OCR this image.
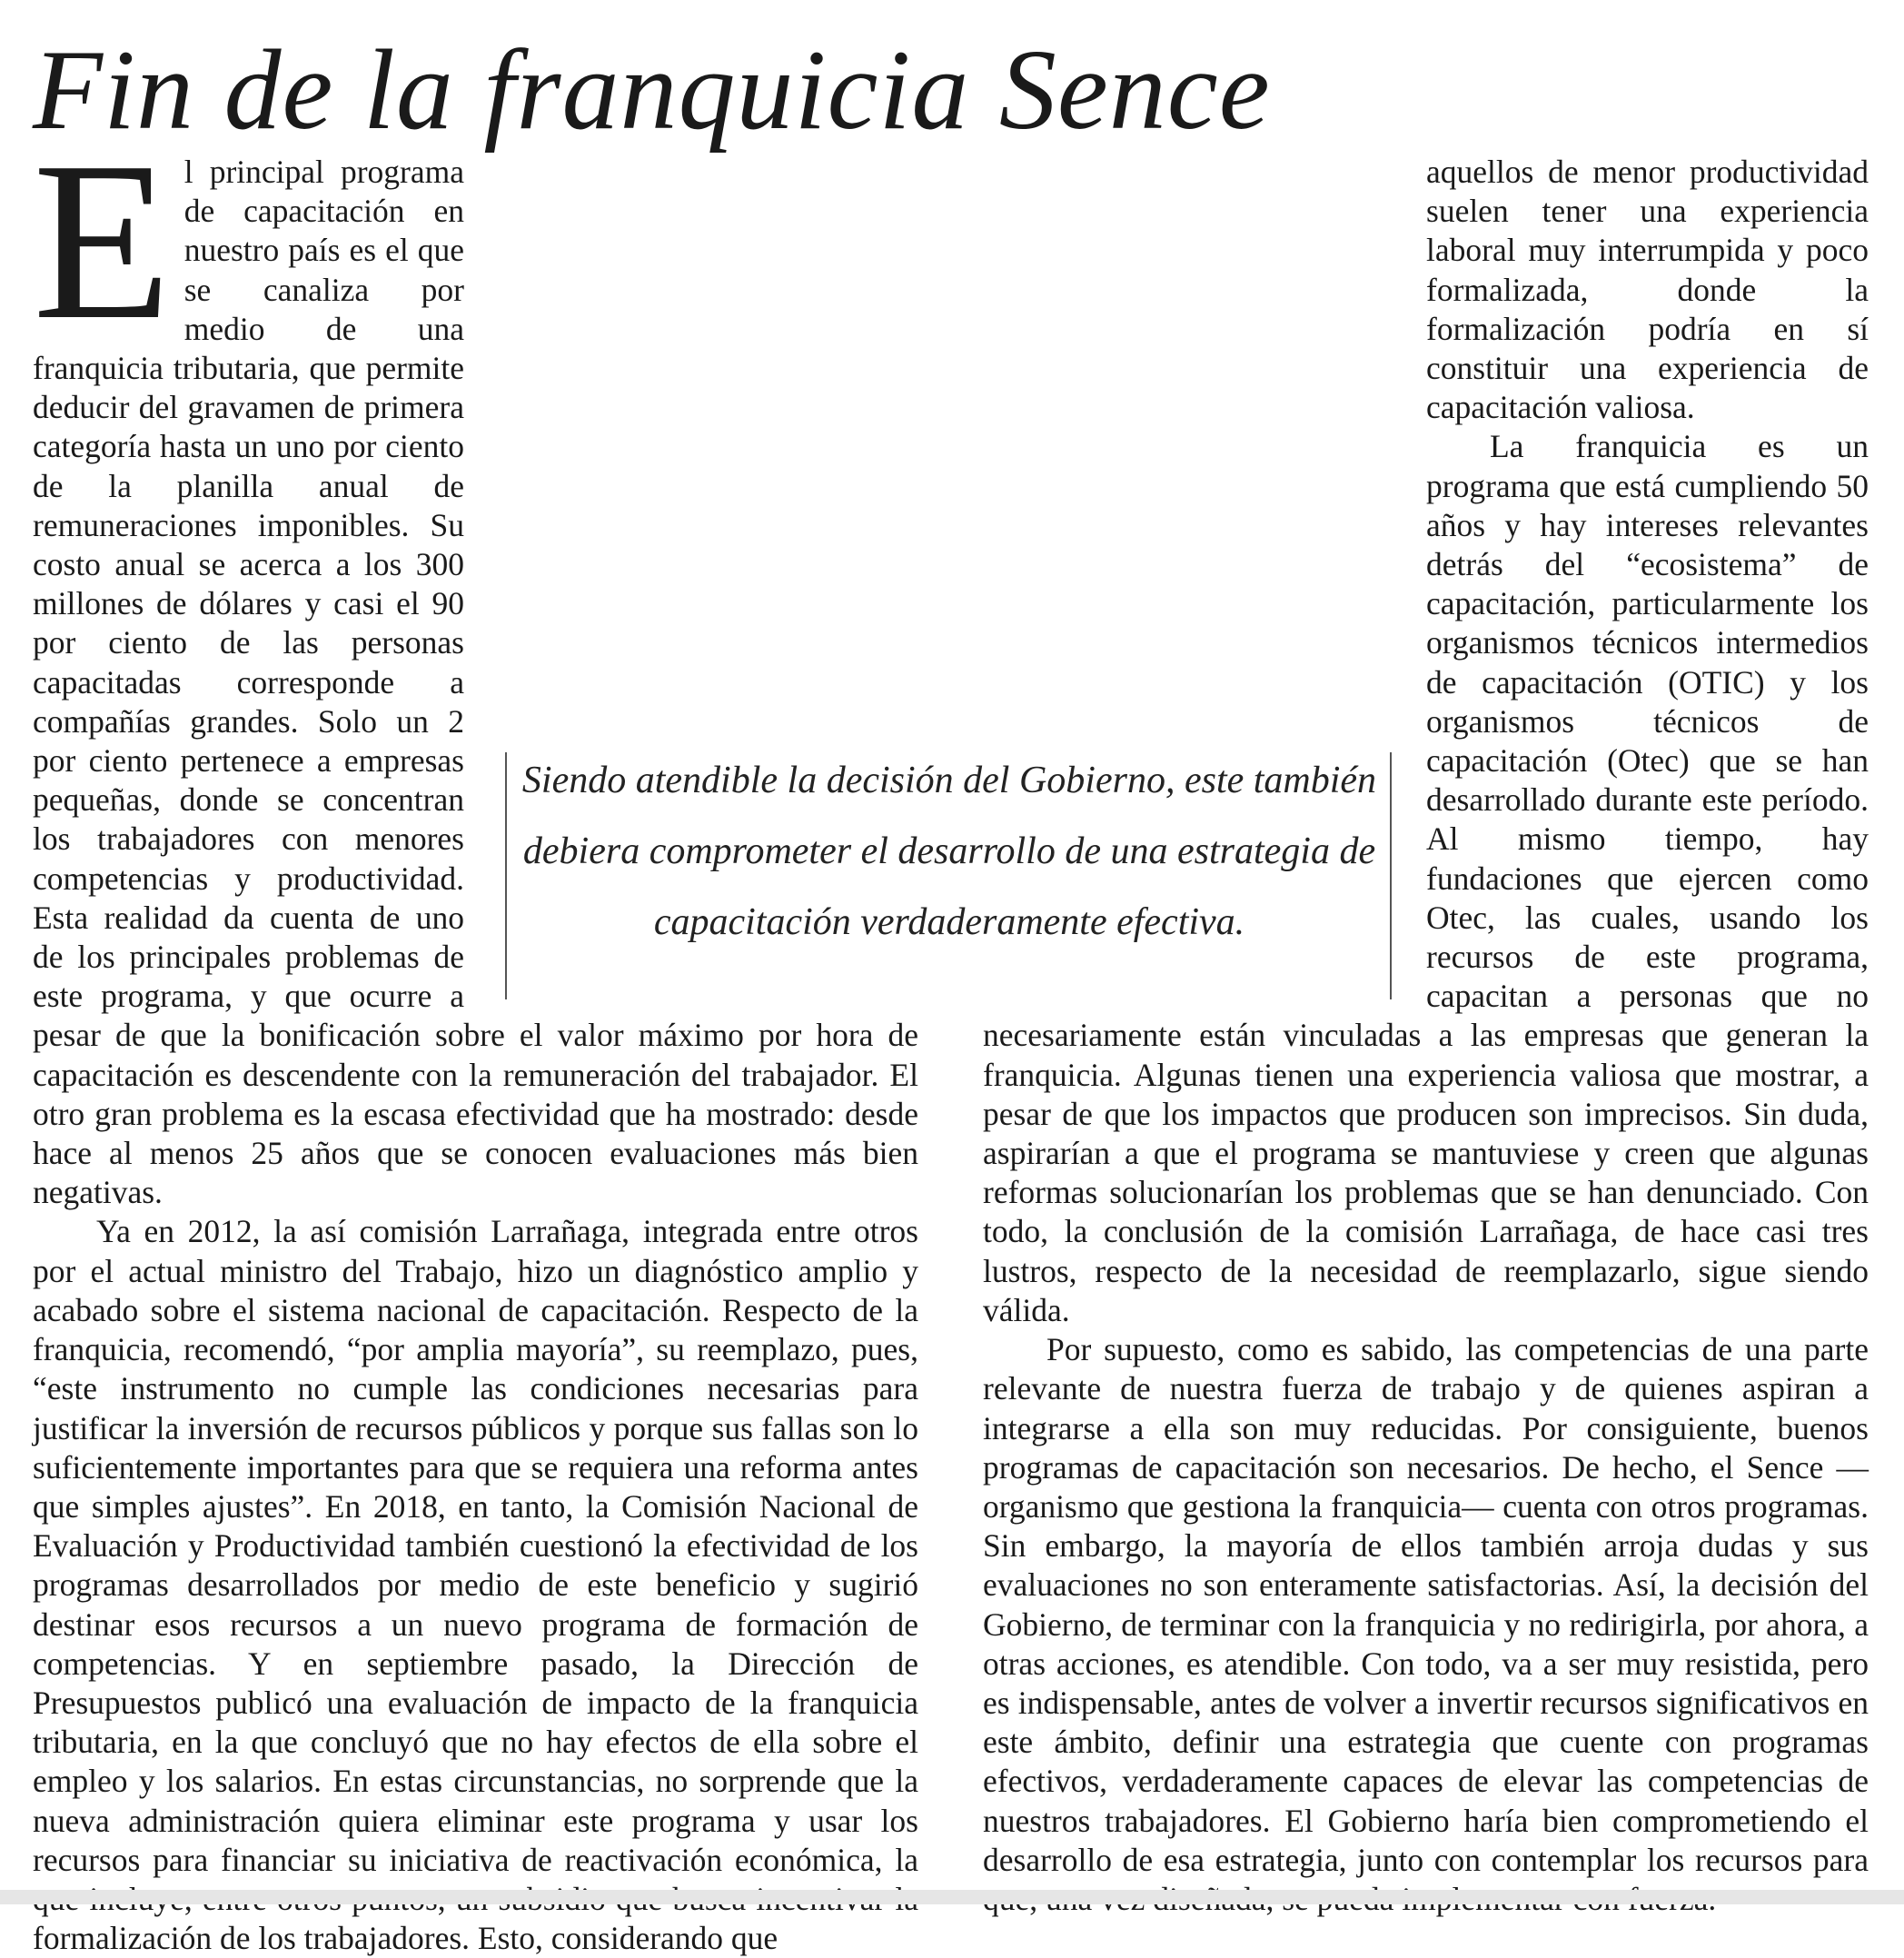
Fin de la franquicia Sence
E l principal programa de capacitación en nuestro país es el que se canaliza por medio de una franquicia tributaria, que permite deducir del gravamen de primera categoría hasta un uno por ciento de la planilla anual de remuneraciones imponibles. Su costo anual se acerca a los 300 millones de dólares y casi el 90 por ciento de las personas capacitadas corresponde a compañías grandes. Solo un 2 por ciento pertenece a empresas pequeñas, donde se concentran los trabajadores con menores competencias y productividad. Esta realidad da cuenta de uno de los principales problemas de este programa, y que ocurre a pesar de que la bonificación sobre el valor máximo por hora de capacitación es descendente con la remuneración del trabajador. El otro gran problema es la escasa efectividad que ha mostrado: desde hace al menos 25 años que se conocen evaluaciones más bien negativas.

Ya en 2012, la así comisión Larrañaga, integrada entre otros por el actual ministro del Trabajo, hizo un diagnóstico amplio y acabado sobre el sistema nacional de capacitación. Respecto de la franquicia, recomendó, “por amplia mayoría”, su reemplazo, pues, “este instrumento no cumple las condiciones necesarias para justificar la inversión de recursos públicos y porque sus fallas son lo suficientemente importantes para que se requiera una reforma antes que simples ajustes”. En 2018, en tanto, la Comisión Nacional de Evaluación y Productividad también cuestionó la efectividad de los programas desarrollados por medio de este beneficio y sugirió destinar esos recursos a un nuevo programa de formación de competencias. Y en septiembre pasado, la Dirección de Presupuestos publicó una evaluación de impacto de la franquicia tributaria, en la que concluyó que no hay efectos de ella sobre el empleo y los salarios. En estas circunstancias, no sorprende que la nueva administración quiera eliminar este programa y usar los recursos para financiar su iniciativa de reactivación económica, la formalización de los trabajadores. Esto, considerando que

aquellos de menor productividad suelen tener una experiencia laboral muy interrumpida y poco formalizada, donde la formalización podría en sí constituir una experiencia de capacitación valiosa.

La franquicia es un programa que está cumpliendo 50 años y hay intereses relevantes detrás del “ecosistema” de capacitación, particularmente los organismos técnicos intermedios de capacitación (OTIC) y los organismos técnicos de capacitación (Otec) que se han desarrollado durante este período. Al mismo tiempo, hay fundaciones que ejercen como Otec, las cuales, usando los recursos de este programa, capacitan a personas que no necesariamente están vinculadas a las empresas que generan la franquicia. Algunas tienen una experiencia valiosa que mostrar, a pesar de que los impactos que producen son imprecisos. Sin duda, aspirarían a que el programa se mantuviese y creen que algunas reformas solucionarían los problemas que se han denunciado. Con todo, la conclusión de la comisión Larrañaga, de hace casi tres lustros, respecto de la necesidad de reemplazarlo, sigue siendo válida.

Por supuesto, como es sabido, las competencias de una parte relevante de nuestra fuerza de trabajo y de quienes aspiran a integrarse a ella son muy reducidas. Por consiguiente, buenos programas de capacitación son necesarios. De hecho, el Sence —organismo que gestiona la franquicia— cuenta con otros programas. Sin embargo, la mayoría de ellos también arroja dudas y sus evaluaciones no son enteramente satisfactorias. Así, la decisión del Gobierno, de terminar con la franquicia y no redirigirla, por ahora, a otras acciones, es atendible. Con todo, va a ser muy resistida, pero es indispensable, antes de volver a invertir recursos significativos en este ámbito, definir una estrategia que cuente con programas efectivos, verdaderamente capaces de elevar las competencias de nuestros trabajadores. El Gobierno haría bien comprometiendo el desarrollo de esa estrategia, junto con contemplar los recursos para

Siendo atendible la decisión del Gobierno, este también debiera comprometer el desarrollo de una estrategia de capacitación verdaderamente efectiva.
